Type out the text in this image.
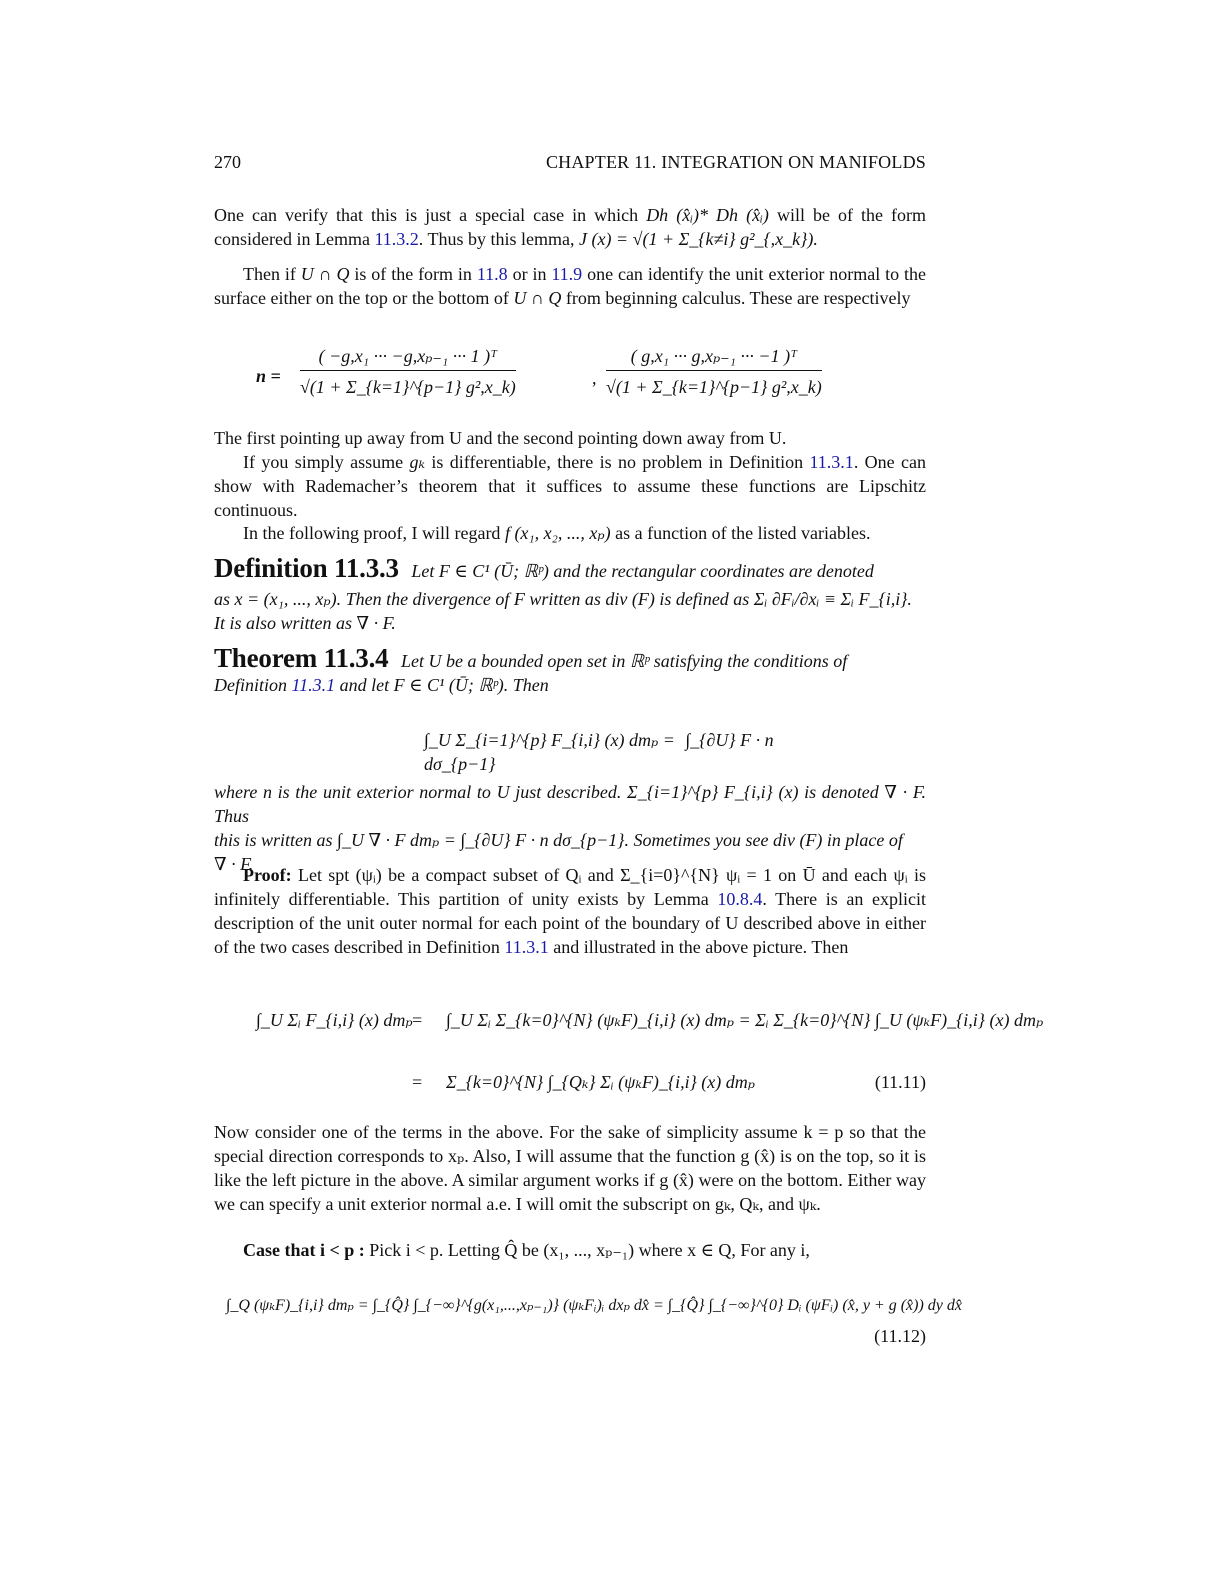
270	CHAPTER 11. INTEGRATION ON MANIFOLDS

One can verify that this is just a special case in which Dh (x̂ᵢ)* Dh (x̂ᵢ) will be of the form considered in Lemma 11.3.2. Thus by this lemma, J (x) = √(1 + Σ_{k≠i} g²_{,x_k}).

Then if U ∩ Q is of the form in 11.8 or in 11.9 one can identify the unit exterior normal to the surface either on the top or the bottom of U ∩ Q from beginning calculus. These are respectively

$n = \frac{\text{( −g,x₁ ··· −g,xₚ₋₁ ··· 1 )ᵀ}}{\text{√(1 + Σ\_\{k=1\}\textasciicircum{}\{p−1\} g²,x\_k)}}$	, $\frac{\text{( g,x₁ ··· g,xₚ₋₁ ··· −1 )ᵀ}}{\text{√(1 + Σ\_\{k=1\}\textasciicircum{}\{p−1\} g²,x\_k)}}$

The first pointing up away from U and the second pointing down away from U.

If you simply assume gₖ is differentiable, there is no problem in Definition 11.3.1. One can show with Rademacher’s theorem that it suffices to assume these functions are Lipschitz continuous.

In the following proof, I will regard f (x₁, x₂, ..., xₚ) as a function of the listed variables.

Definition 11.3.3 Let F ∈ C¹ (Ū; ℝᵖ) and the rectangular coordinates are denoted
as x = (x₁, ..., xₚ). Then the divergence of F written as div (F) is defined as Σᵢ ∂Fᵢ/∂xᵢ ≡ Σᵢ F_{i,i}.
It is also written as ∇ · F.
Theorem 11.3.4 Let U be a bounded open set in ℝᵖ satisfying the conditions of
Definition 11.3.1 and let F ∈ C¹ (Ū; ℝᵖ). Then
∫_U Σ_{i=1}^{p} F_{i,i} (x) dmₚ = ∫_{∂U} F · n dσ_{p−1}
where n is the unit exterior normal to U just described. Σ_{i=1}^{p} F_{i,i} (x) is denoted ∇ · F. Thus
this is written as ∫_U ∇ · F dmₚ = ∫_{∂U} F · n dσ_{p−1}. Sometimes you see div (F) in place of
∇ · F.

Proof: Let spt (ψᵢ) be a compact subset of Qᵢ and Σ_{i=0}^{N} ψᵢ = 1 on Ū and each ψᵢ is infinitely differentiable. This partition of unity exists by Lemma 10.8.4. There is an explicit description of the unit outer normal for each point of the boundary of U described above in either of the two cases described in Definition 11.3.1 and illustrated in the above picture. Then

∫_U Σᵢ F_{i,i} (x) dmₚ = ∫_U Σᵢ Σ_{k=0}^{N} (ψₖF)_{i,i} (x) dmₚ = Σᵢ Σ_{k=0}^{N} ∫_U (ψₖF)_{i,i} (x) dmₚ
= Σ_{k=0}^{N} ∫_{Qₖ} Σᵢ (ψₖF)_{i,i} (x) dmₚ	(11.11)

Now consider one of the terms in the above. For the sake of simplicity assume k = p so that the special direction corresponds to xₚ. Also, I will assume that the function g (x̂) is on the top, so it is like the left picture in the above. A similar argument works if g (x̂) were on the bottom. Either way we can specify a unit exterior normal a.e. I will omit the subscript on gₖ, Qₖ, and ψₖ.

Case that i < p : Pick i < p. Letting Q̂ be (x₁, ..., xₚ₋₁) where x ∈ Q, For any i,

∫_Q (ψₖF)_{i,i} dmₚ = ∫_{Q̂} ∫_{−∞}^{g(x₁,...,xₚ₋₁)} (ψₖFᵢ)ᵢ dxₚ dx̂ = ∫_{Q̂} ∫_{−∞}^{0} Dᵢ (ψFᵢ) (x̂, y + g (x̂)) dy dx̂
(11.12)
